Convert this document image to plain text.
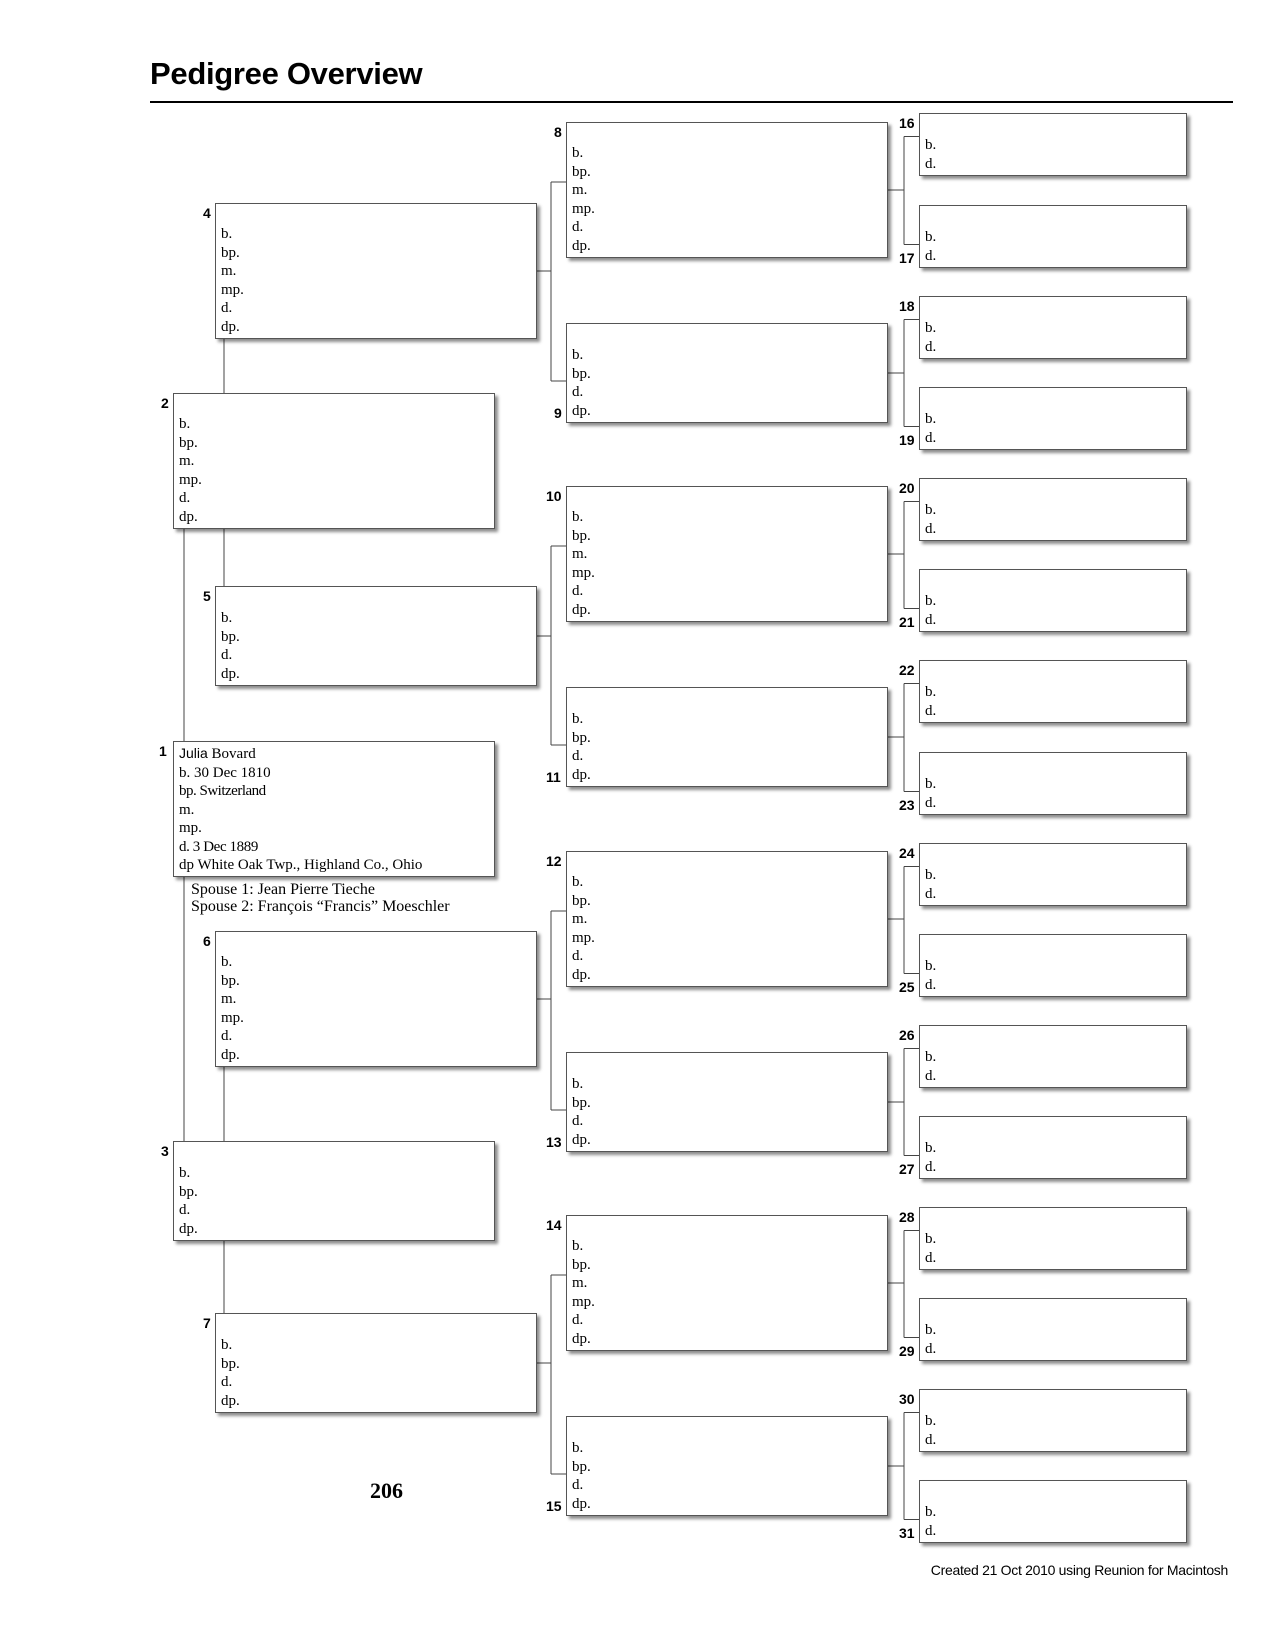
Pedigree Overview
b.
bp.
m.
mp.
d.
dp.
2
b.
bp.
d.
dp.
3
b.
bp.
m.
mp.
d.
dp.
4
b.
bp.
d.
dp.
5
b.
bp.
m.
mp.
d.
dp.
6
b.
bp.
d.
dp.
7
b.
bp.
m.
mp.
d.
dp.
8
b.
bp.
d.
dp.
9
b.
bp.
m.
mp.
d.
dp.
10
b.
bp.
d.
dp.
11
b.
bp.
m.
mp.
d.
dp.
12
b.
bp.
d.
dp.
13
b.
bp.
m.
mp.
d.
dp.
14
b.
bp.
d.
dp.
15
b.
d.
16
b.
d.
17
b.
d.
18
b.
d.
19
b.
d.
20
b.
d.
21
b.
d.
22
b.
d.
23
b.
d.
24
b.
d.
25
b.
d.
26
b.
d.
27
b.
d.
28
b.
d.
29
b.
d.
30
b.
d.
31
Julia Bovard
b. 30 Dec 1810
bp. Switzerland
m.
mp.
d. 3 Dec 1889
dp White Oak Twp., Highland Co., Ohio
1
Spouse 1: Jean Pierre Tieche
Spouse 2: François “Francis” Moeschler
206
Created 21 Oct 2010 using Reunion for Macintosh
